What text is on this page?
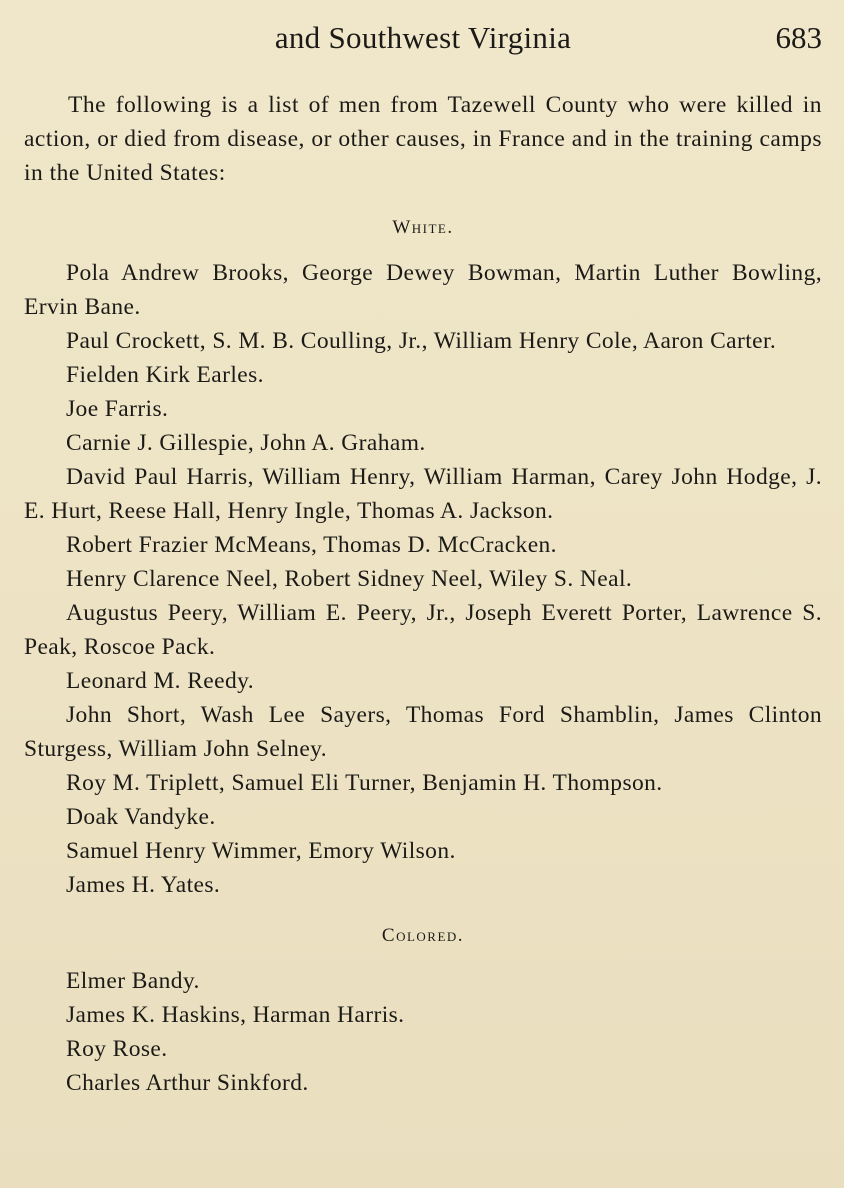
and Southwest Virginia	683

The following is a list of men from Tazewell County who were killed in action, or died from disease, or other causes, in France and in the training camps in the United States:

White.

Pola Andrew Brooks, George Dewey Bowman, Martin Luther Bowling, Ervin Bane.

Paul Crockett, S. M. B. Coulling, Jr., William Henry Cole, Aaron Carter.

Fielden Kirk Earles.

Joe Farris.

Carnie J. Gillespie, John A. Graham.

David Paul Harris, William Henry, William Harman, Carey John Hodge, J. E. Hurt, Reese Hall, Henry Ingle, Thomas A. Jackson.

Robert Frazier McMeans, Thomas D. McCracken.

Henry Clarence Neel, Robert Sidney Neel, Wiley S. Neal.

Augustus Peery, William E. Peery, Jr., Joseph Everett Porter, Lawrence S. Peak, Roscoe Pack.

Leonard M. Reedy.

John Short, Wash Lee Sayers, Thomas Ford Shamblin, James Clinton Sturgess, William John Selney.

Roy M. Triplett, Samuel Eli Turner, Benjamin H. Thompson.

Doak Vandyke.

Samuel Henry Wimmer, Emory Wilson.

James H. Yates.

Colored.

Elmer Bandy.

James K. Haskins, Harman Harris.

Roy Rose.

Charles Arthur Sinkford.
